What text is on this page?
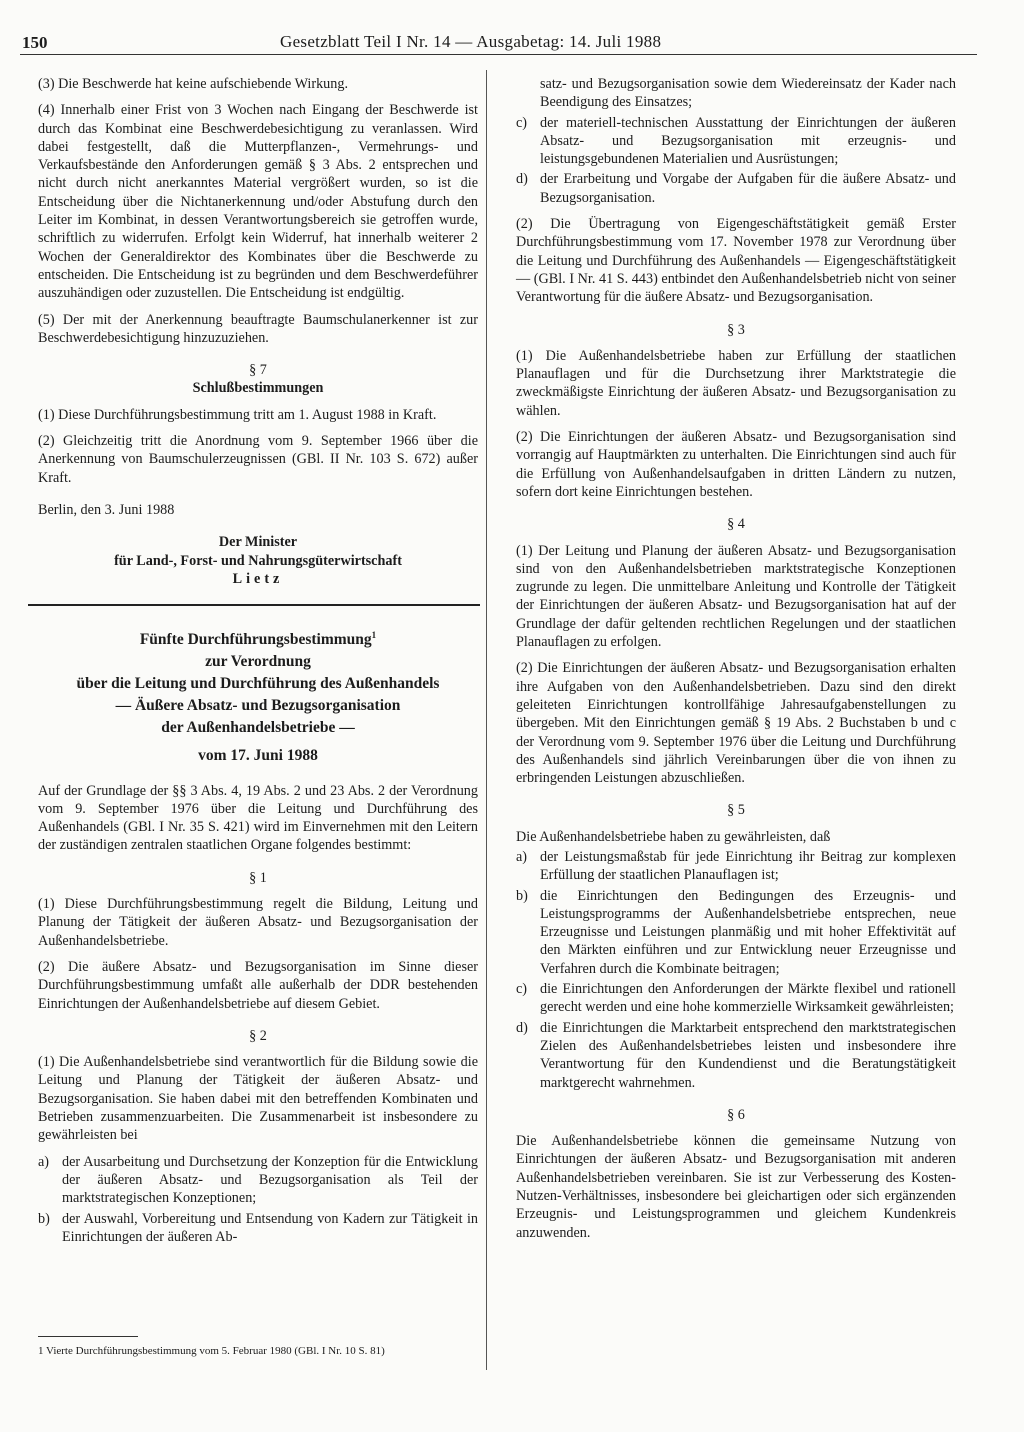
150	Gesetzblatt Teil I Nr. 14 — Ausgabetag: 14. Juli 1988

(3) Die Beschwerde hat keine aufschiebende Wirkung.

(4) Innerhalb einer Frist von 3 Wochen nach Eingang der Beschwerde ist durch das Kombinat eine Beschwerdebesichtigung zu veranlassen. Wird dabei festgestellt, daß die Mutterpflanzen-, Vermehrungs- und Verkaufsbestände den Anforderungen gemäß § 3 Abs. 2 entsprechen und nicht durch nicht anerkanntes Material vergrößert wurden, so ist die Entscheidung über die Nichtanerkennung und/oder Abstufung durch den Leiter im Kombinat, in dessen Verantwortungsbereich sie getroffen wurde, schriftlich zu widerrufen. Erfolgt kein Widerruf, hat innerhalb weiterer 2 Wochen der Generaldirektor des Kombinates über die Beschwerde zu entscheiden. Die Entscheidung ist zu begründen und dem Beschwerdeführer auszuhändigen oder zuzustellen. Die Entscheidung ist endgültig.

(5) Der mit der Anerkennung beauftragte Baumschulanerkenner ist zur Beschwerdebesichtigung hinzuzuziehen.

§ 7
Schlußbestimmungen

(1) Diese Durchführungsbestimmung tritt am 1. August 1988 in Kraft.

(2) Gleichzeitig tritt die Anordnung vom 9. September 1966 über die Anerkennung von Baumschulerzeugnissen (GBl. II Nr. 103 S. 672) außer Kraft.

Berlin, den 3. Juni 1988

Der Minister
für Land-, Forst- und Nahrungsgüterwirtschaft
Lietz
Fünfte Durchführungsbestimmung$^1$
zur Verordnung
über die Leitung und Durchführung des Außenhandels
— Äußere Absatz- und Bezugsorganisation
der Außenhandelsbetriebe —
vom 17. Juni 1988

Auf der Grundlage der §§ 3 Abs. 4, 19 Abs. 2 und 23 Abs. 2 der Verordnung vom 9. September 1976 über die Leitung und Durchführung des Außenhandels (GBl. I Nr. 35 S. 421) wird im Einvernehmen mit den Leitern der zuständigen zentralen staatlichen Organe folgendes bestimmt:

§ 1

(1) Diese Durchführungsbestimmung regelt die Bildung, Leitung und Planung der Tätigkeit der äußeren Absatz- und Bezugsorganisation der Außenhandelsbetriebe.

(2) Die äußere Absatz- und Bezugsorganisation im Sinne dieser Durchführungsbestimmung umfaßt alle außerhalb der DDR bestehenden Einrichtungen der Außenhandelsbetriebe auf diesem Gebiet.

§ 2

(1) Die Außenhandelsbetriebe sind verantwortlich für die Bildung sowie die Leitung und Planung der Tätigkeit der äußeren Absatz- und Bezugsorganisation. Sie haben dabei mit den betreffenden Kombinaten und Betrieben zusammenzuarbeiten. Die Zusammenarbeit ist insbesondere zu gewährleisten bei

a) der Ausarbeitung und Durchsetzung der Konzeption für die Entwicklung der äußeren Absatz- und Bezugsorganisation als Teil der marktstrategischen Konzeptionen;
b) der Auswahl, Vorbereitung und Entsendung von Kadern zur Tätigkeit in Einrichtungen der äußeren Ab-
satz- und Bezugsorganisation sowie dem Wiedereinsatz der Kader nach Beendigung des Einsatzes;
c) der materiell-technischen Ausstattung der Einrichtungen der äußeren Absatz- und Bezugsorganisation mit erzeugnis- und leistungsgebundenen Materialien und Ausrüstungen;
d) der Erarbeitung und Vorgabe der Aufgaben für die äußere Absatz- und Bezugsorganisation.

(2) Die Übertragung von Eigengeschäftstätigkeit gemäß Erster Durchführungsbestimmung vom 17. November 1978 zur Verordnung über die Leitung und Durchführung des Außenhandels — Eigengeschäftstätigkeit — (GBl. I Nr. 41 S. 443) entbindet den Außenhandelsbetrieb nicht von seiner Verantwortung für die äußere Absatz- und Bezugsorganisation.

§ 3

(1) Die Außenhandelsbetriebe haben zur Erfüllung der staatlichen Planauflagen und für die Durchsetzung ihrer Marktstrategie die zweckmäßigste Einrichtung der äußeren Absatz- und Bezugsorganisation zu wählen.

(2) Die Einrichtungen der äußeren Absatz- und Bezugsorganisation sind vorrangig auf Hauptmärkten zu unterhalten. Die Einrichtungen sind auch für die Erfüllung von Außenhandelsaufgaben in dritten Ländern zu nutzen, sofern dort keine Einrichtungen bestehen.

§ 4

(1) Der Leitung und Planung der äußeren Absatz- und Bezugsorganisation sind von den Außenhandelsbetrieben marktstrategische Konzeptionen zugrunde zu legen. Die unmittelbare Anleitung und Kontrolle der Tätigkeit der Einrichtungen der äußeren Absatz- und Bezugsorganisation hat auf der Grundlage der dafür geltenden rechtlichen Regelungen und der staatlichen Planauflagen zu erfolgen.

(2) Die Einrichtungen der äußeren Absatz- und Bezugsorganisation erhalten ihre Aufgaben von den Außenhandelsbetrieben. Dazu sind den direkt geleiteten Einrichtungen kontrollfähige Jahresaufgabenstellungen zu übergeben. Mit den Einrichtungen gemäß § 19 Abs. 2 Buchstaben b und c der Verordnung vom 9. September 1976 über die Leitung und Durchführung des Außenhandels sind jährlich Vereinbarungen über die von ihnen zu erbringenden Leistungen abzuschließen.

§ 5

Die Außenhandelsbetriebe haben zu gewährleisten, daß

a) der Leistungsmaßstab für jede Einrichtung ihr Beitrag zur komplexen Erfüllung der staatlichen Planauflagen ist;
b) die Einrichtungen den Bedingungen des Erzeugnis- und Leistungsprogramms der Außenhandelsbetriebe entsprechen, neue Erzeugnisse und Leistungen planmäßig und mit hoher Effektivität auf den Märkten einführen und zur Entwicklung neuer Erzeugnisse und Verfahren durch die Kombinate beitragen;
c) die Einrichtungen den Anforderungen der Märkte flexibel und rationell gerecht werden und eine hohe kommerzielle Wirksamkeit gewährleisten;
d) die Einrichtungen die Marktarbeit entsprechend den marktstrategischen Zielen des Außenhandelsbetriebes leisten und insbesondere ihre Verantwortung für den Kundendienst und die Beratungstätigkeit marktgerecht wahrnehmen.
§ 6

Die Außenhandelsbetriebe können die gemeinsame Nutzung von Einrichtungen der äußeren Absatz- und Bezugsorganisation mit anderen Außenhandelsbetrieben vereinbaren. Sie ist zur Verbesserung des Kosten-Nutzen-Verhältnisses, insbesondere bei gleichartigen oder sich ergänzenden Erzeugnis- und Leistungsprogrammen und gleichem Kundenkreis anzuwenden.

1 Vierte Durchführungsbestimmung vom 5. Februar 1980 (GBl. I Nr. 10 S. 81)
